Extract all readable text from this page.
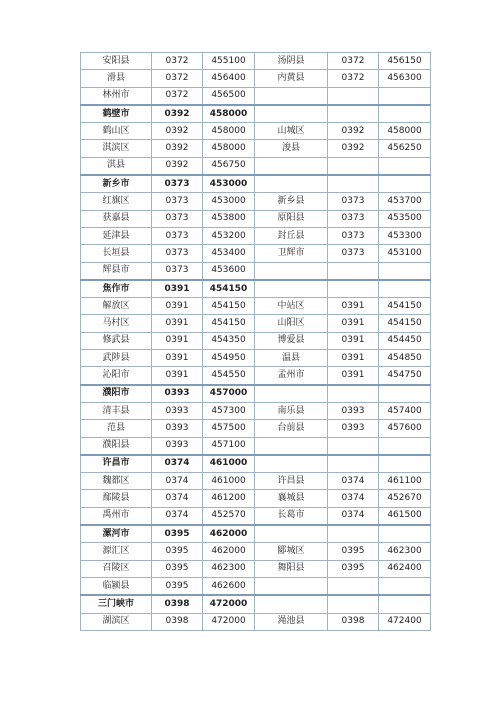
安阳县	0372	455100	汤阴县	0372	456150
滑县	0372	456400	内黄县	0372	456300
林州市	0372	456500			
鹤壁市	0392	458000			
鹤山区	0392	458000	山城区	0392	458000
淇滨区	0392	458000	浚县	0392	456250
淇县	0392	456750			
新乡市	0373	453000			
红旗区	0373	453000	新乡县	0373	453700
获嘉县	0373	453800	原阳县	0373	453500
延津县	0373	453200	封丘县	0373	453300
长垣县	0373	453400	卫辉市	0373	453100
辉县市	0373	453600			
焦作市	0391	454150			
解放区	0391	454150	中站区	0391	454150
马村区	0391	454150	山阳区	0391	454150
修武县	0391	454350	博爱县	0391	454450
武陟县	0391	454950	温县	0391	454850
沁阳市	0391	454550	孟州市	0391	454750
濮阳市	0393	457000			
清丰县	0393	457300	南乐县	0393	457400
范县	0393	457500	台前县	0393	457600
濮阳县	0393	457100			
许昌市	0374	461000			
魏都区	0374	461000	许昌县	0374	461100
鄢陵县	0374	461200	襄城县	0374	452670
禹州市	0374	452570	长葛市	0374	461500
漯河市	0395	462000			
源汇区	0395	462000	郾城区	0395	462300
召陵区	0395	462300	舞阳县	0395	462400
临颍县	0395	462600			
三门峡市	0398	472000			
湖滨区	0398	472000	渑池县	0398	472400
